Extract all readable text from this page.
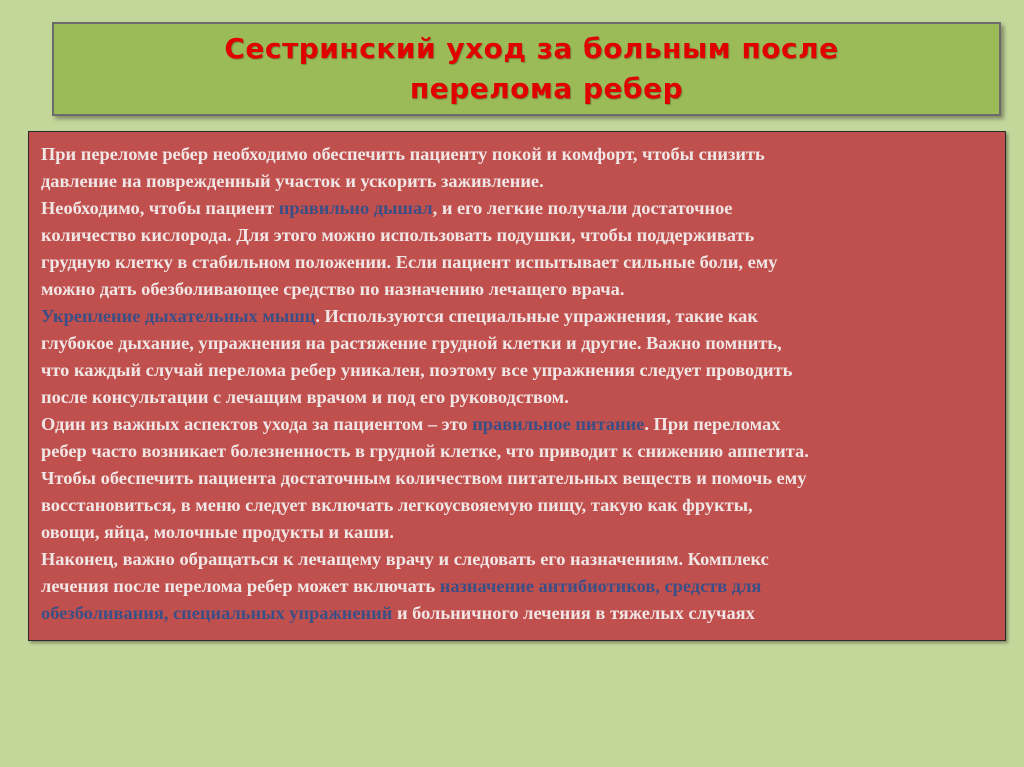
Сестринский уход за больным после
перелома ребер
При переломе ребер необходимо обеспечить пациенту покой и комфорт, чтобы снизить
давление на поврежденный участок и ускорить заживление.
Необходимо, чтобы пациент правильно дышал, и его легкие получали достаточное
количество кислорода. Для этого можно использовать подушки, чтобы поддерживать
грудную клетку в стабильном положении. Если пациент испытывает сильные боли, ему
можно дать обезболивающее средство по назначению лечащего врача.
Укрепление дыхательных мышц. Используются специальные упражнения, такие как
глубокое дыхание, упражнения на растяжение грудной клетки и другие. Важно помнить,
что каждый случай перелома ребер уникален, поэтому все упражнения следует проводить
после консультации с лечащим врачом и под его руководством.
Один из важных аспектов ухода за пациентом – это правильное питание. При переломах
ребер часто возникает болезненность в грудной клетке, что приводит к снижению аппетита.
Чтобы обеспечить пациента достаточным количеством питательных веществ и помочь ему
восстановиться, в меню следует включать легкоусвояемую пищу, такую как фрукты,
овощи, яйца, молочные продукты и каши.
Наконец, важно обращаться к лечащему врачу и следовать его назначениям. Комплекс
лечения после перелома ребер может включать назначение антибиотиков, средств для
обезболивания, специальных упражнений и больничного лечения в тяжелых случаях
